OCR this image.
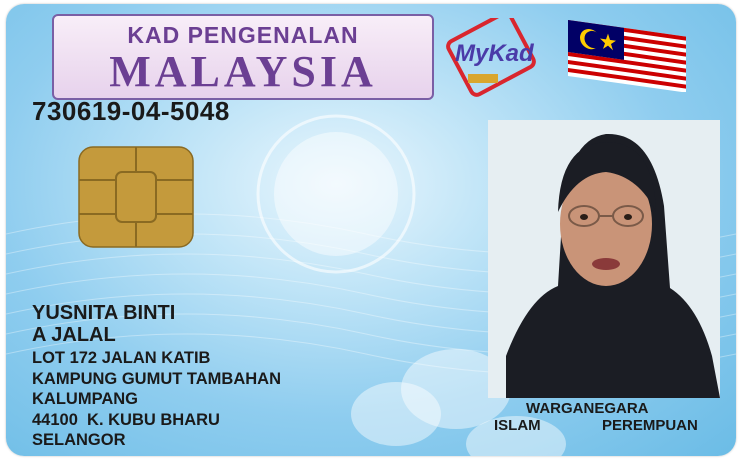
KAD PENGENALAN
MALAYSIA	MyKad
730619-04-5048
YUSNITA BINTI
A JALAL
LOT 172 JALAN KATIB
KAMPUNG GUMUT TAMBAHAN
KALUMPANG
44100  K. KUBU BHARU
SELANGOR
WARGANEGARA
ISLAM	PEREMPUAN
